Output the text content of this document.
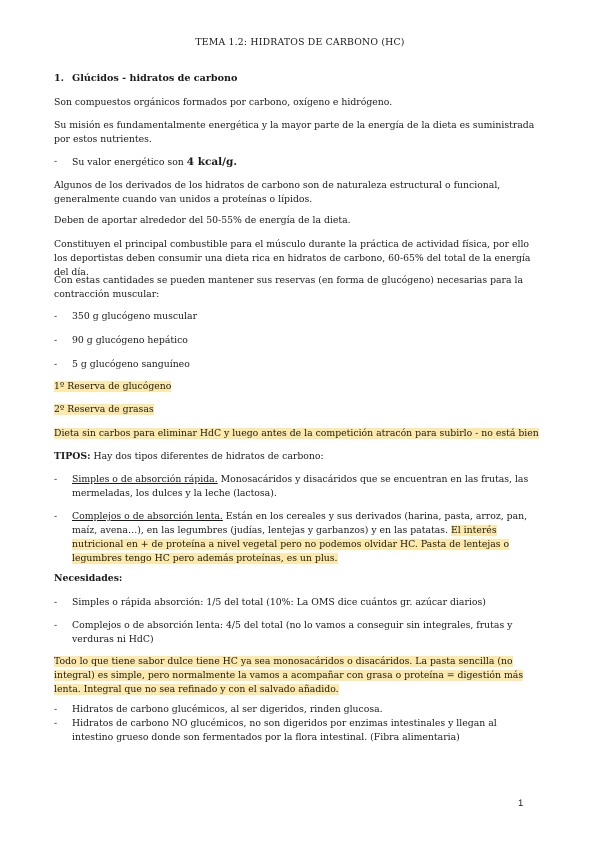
TEMA 1.2: HIDRATOS DE CARBONO (HC)
1. Glúcidos - hidratos de carbono

Son compuestos orgánicos formados por carbono, oxígeno e hidrógeno.

Su misión es fundamentalmente energética y la mayor parte de la energía de la dieta es suministrada por estos nutrientes.

-	Su valor energético son 4 kcal/g.

Algunos de los derivados de los hidratos de carbono son de naturaleza estructural o funcional, generalmente cuando van unidos a proteínas o lípidos.

Deben de aportar alrededor del 50-55% de energía de la dieta.

Constituyen el principal combustible para el músculo durante la práctica de actividad física, por ello los deportistas deben consumir una dieta rica en hidratos de carbono, 60-65% del total de la energía del día.

Con estas cantidades se pueden mantener sus reservas (en forma de glucógeno) necesarias para la contracción muscular:

-	350 g glucógeno muscular
-	90 g glucógeno hepático
-	5 g glucógeno sanguíneo
1º Reserva de glucógeno
2º Reserva de grasas
Dieta sin carbos para eliminar HdC y luego antes de la competición atracón para subirlo - no está bien
TIPOS: Hay dos tipos diferentes de hidratos de carbono:
-	Simples o de absorción rápida. Monosacáridos y disacáridos que se encuentran en las frutas, las mermeladas, los dulces y la leche (lactosa).
-	Complejos o de absorción lenta. Están en los cereales y sus derivados (harina, pasta, arroz, pan, maíz, avena…), en las legumbres (judías, lentejas y garbanzos) y en las patatas. El interés nutricional en + de proteína a nivel vegetal pero no podemos olvidar HC. Pasta de lentejas o legumbres tengo HC pero además proteínas, es un plus.
Necesidades:
-	Simples o rápida absorción: 1/5 del total (10%: La OMS dice cuántos gr. azúcar diarios)
-	Complejos o de absorción lenta: 4/5 del total (no lo vamos a conseguir sin integrales, frutas y verduras ni HdC)
Todo lo que tiene sabor dulce tiene HC ya sea monosacáridos o disacáridos. La pasta sencilla (no integral) es simple, pero normalmente la vamos a acompañar con grasa o proteína = digestión más lenta. Integral que no sea refinado y con el salvado añadido.
-	Hidratos de carbono glucémicos, al ser digeridos, rinden glucosa.
-	Hidratos de carbono NO glucémicos, no son digeridos por enzimas intestinales y llegan al intestino grueso donde son fermentados por la flora intestinal. (Fibra alimentaria)
1
